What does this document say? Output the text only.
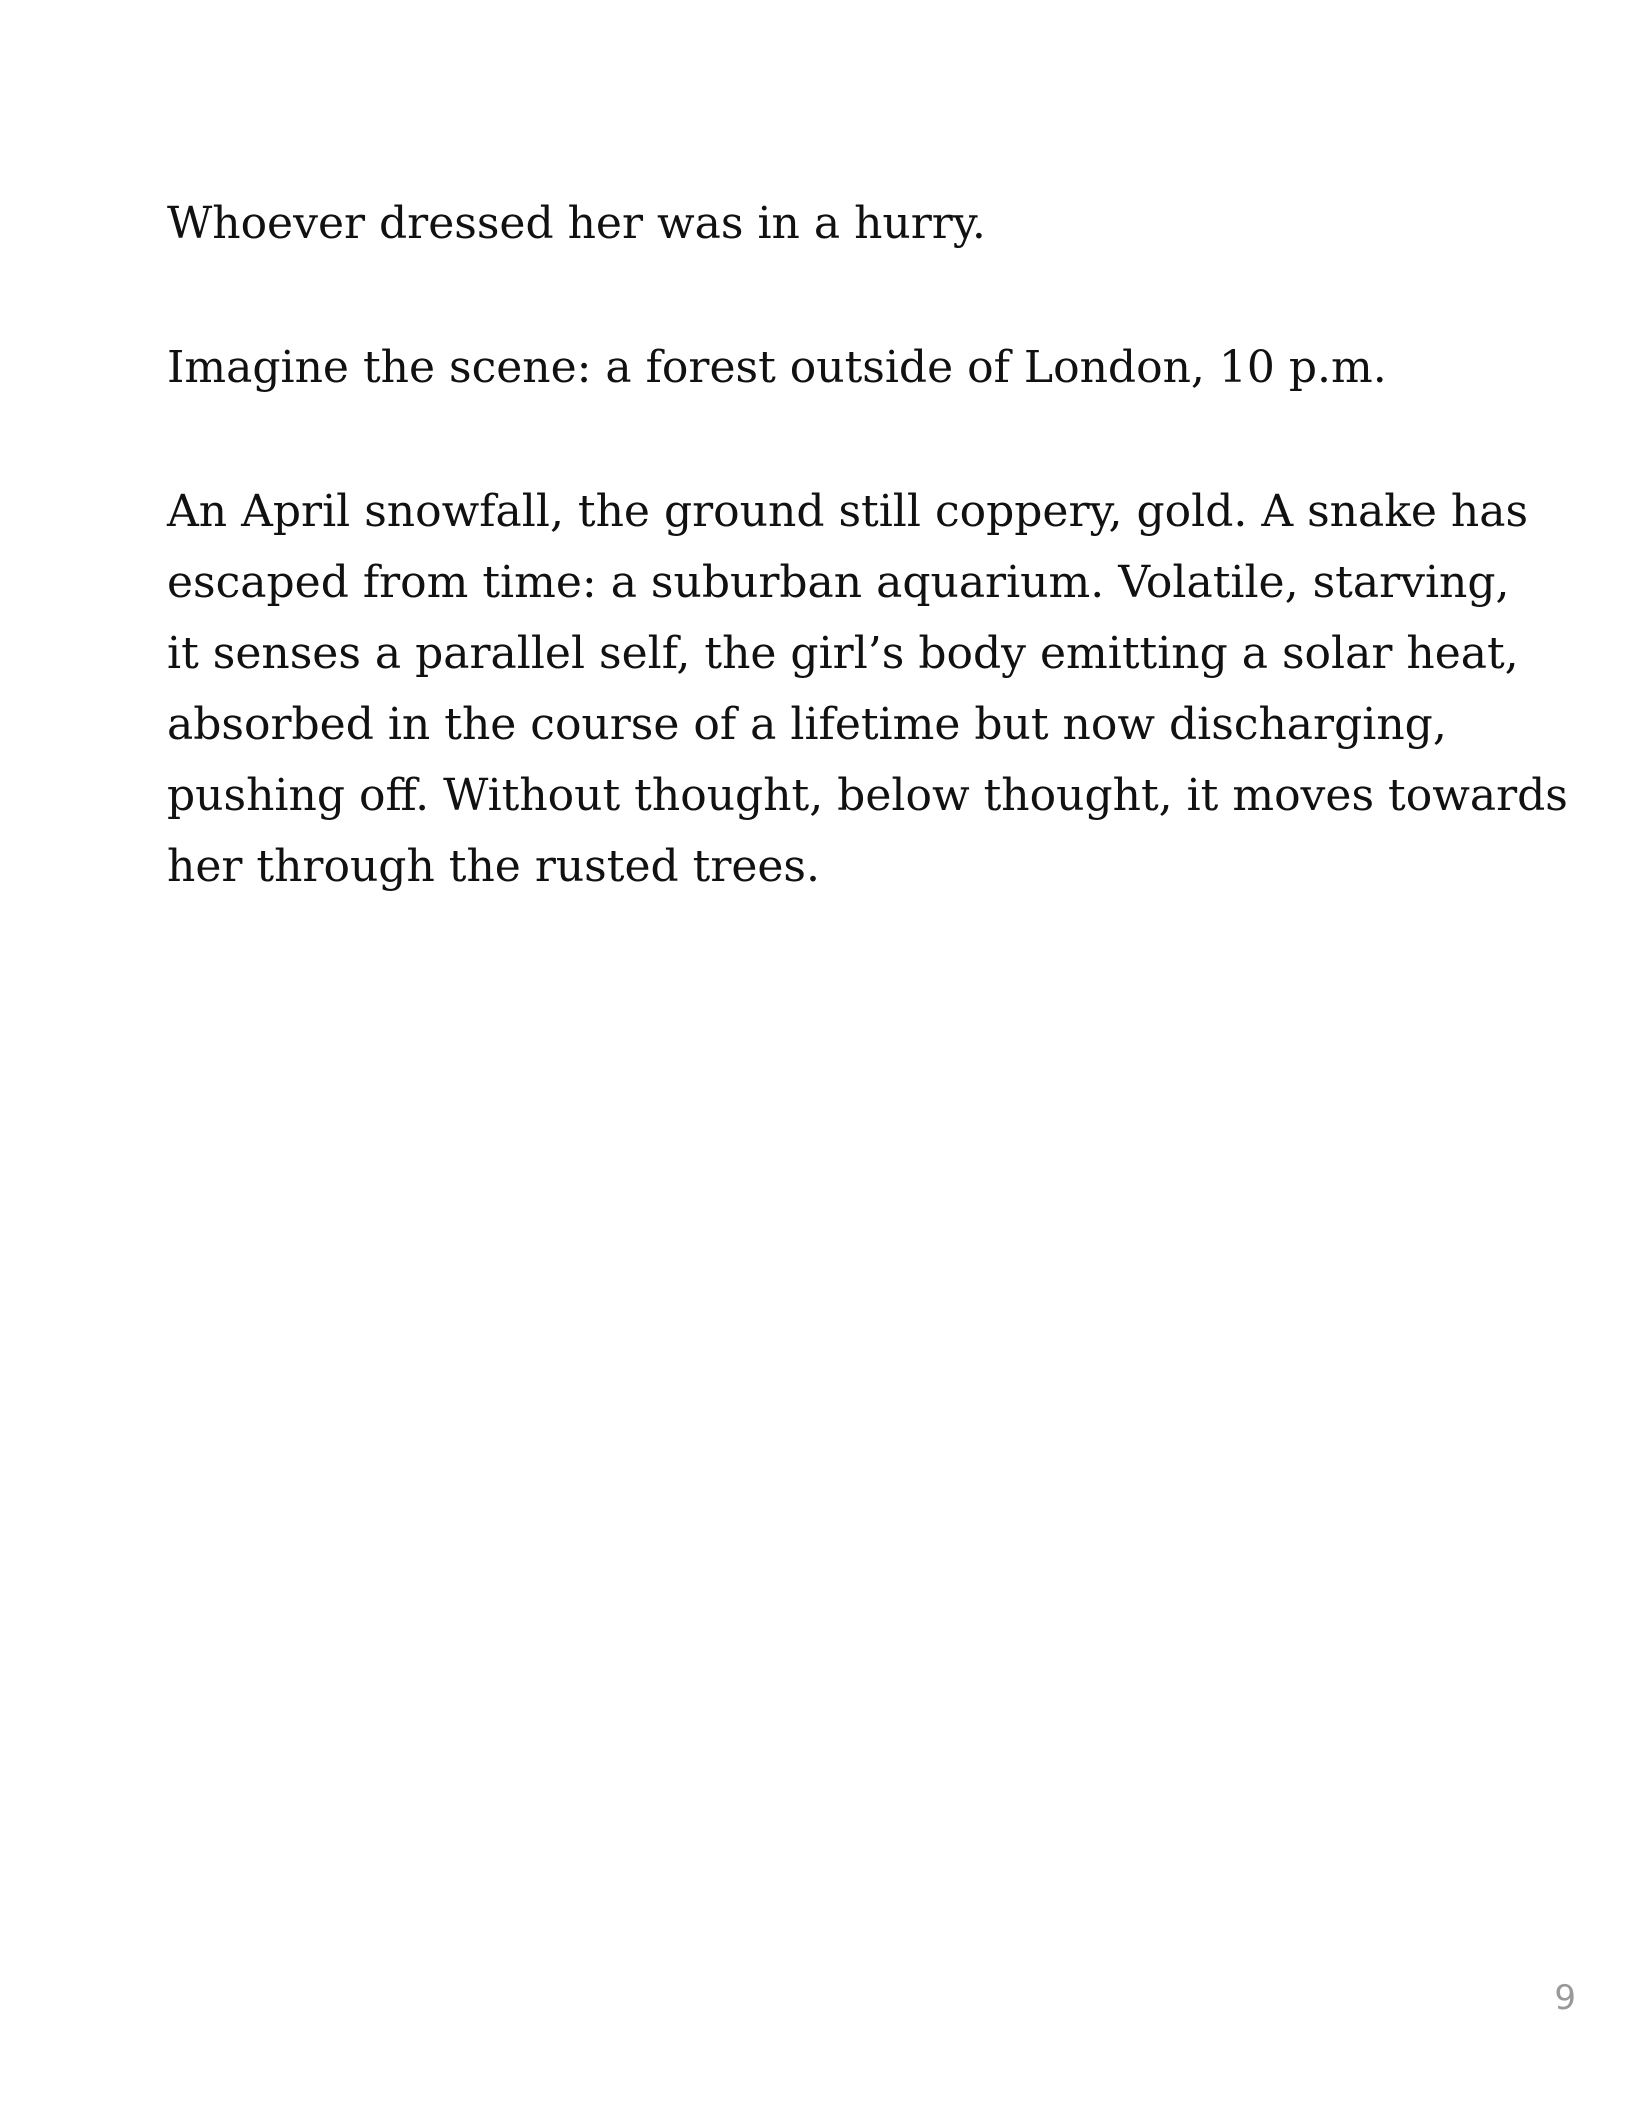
Whoever dressed her was in a hurry.

Imagine the scene: a forest outside of London, 10 p.m.

An April snowfall, the ground still coppery, gold. A snake has

escaped from time: a suburban aquarium. Volatile, starving,

it senses a parallel self, the girl’s body emitting a solar heat,

absorbed in the course of a lifetime but now discharging,

pushing off. Without thought, below thought, it moves towards

her through the rusted trees.

9
